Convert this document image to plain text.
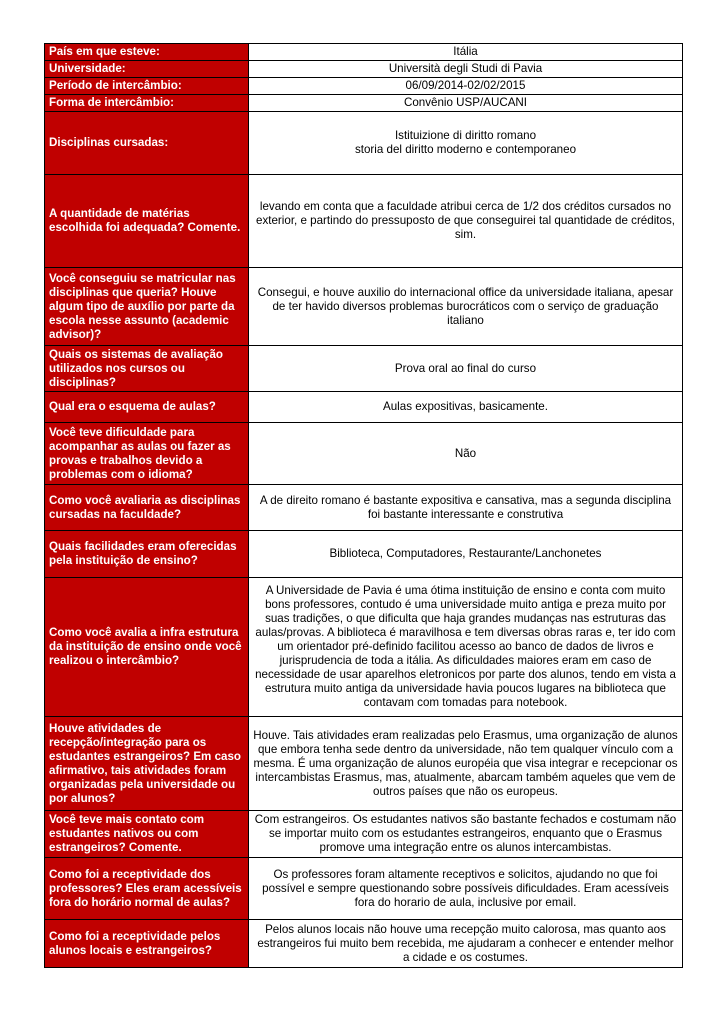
País em que esteve:	Itália
Universidade:	Università degli Studi di Pavia
Período de intercâmbio:	06/09/2014-02/02/2015
Forma de intercâmbio:	Convênio USP/AUCANI
Disciplinas cursadas:	Istituizione di diritto romano
storia del diritto moderno e contemporaneo
A quantidade de matérias escolhida foi adequada? Comente.	levando em conta que a faculdade atribui cerca de 1/2 dos créditos cursados no exterior, e partindo do pressuposto de que conseguirei tal quantidade de créditos, sim.
Você conseguiu se matricular nas disciplinas que queria? Houve algum tipo de auxílio por parte da escola nesse assunto (academic advisor)?	Consegui, e houve auxilio do internacional office da universidade italiana, apesar de ter havido diversos problemas burocráticos com o serviço de graduação italiano
Quais os sistemas de avaliação utilizados nos cursos ou disciplinas?	Prova oral ao final do curso
Qual era o esquema de aulas?	Aulas expositivas, basicamente.
Você teve dificuldade para acompanhar as aulas ou fazer as provas e trabalhos devido a problemas com o idioma?	Não
Como você avaliaria as disciplinas cursadas na faculdade?	A de direito romano é bastante expositiva e cansativa, mas a segunda disciplina foi bastante interessante e construtiva
Quais facilidades eram oferecidas pela instituição de ensino?	Biblioteca, Computadores, Restaurante/Lanchonetes
Como você avalia a infra estrutura da instituição de ensino onde você realizou o intercâmbio?	A Universidade de Pavia é uma ótima instituição de ensino e conta com muito bons professores, contudo é uma universidade muito antiga e preza muito por suas tradições, o que dificulta que haja grandes mudanças nas estruturas das aulas/provas. A biblioteca é maravilhosa e tem diversas obras raras e, ter ido com um orientador pré-definido facilitou acesso ao banco de dados de livros e jurisprudencia de toda a itália. As dificuldades maiores eram em caso de necessidade de usar aparelhos eletronicos por parte dos alunos, tendo em vista a estrutura muito antiga da universidade havia poucos lugares na biblioteca que contavam com tomadas para notebook.
Houve atividades de recepção/integração para os estudantes estrangeiros? Em caso afirmativo, tais atividades foram organizadas pela universidade ou por alunos?	Houve. Tais atividades eram realizadas pelo Erasmus, uma organização de alunos que embora tenha sede dentro da universidade, não tem qualquer vínculo com a mesma. É uma organização de alunos européia que visa integrar e recepcionar os intercambistas Erasmus, mas, atualmente, abarcam também aqueles que vem de outros países que não os europeus.
Você teve mais contato com estudantes nativos ou com estrangeiros? Comente.	Com estrangeiros. Os estudantes nativos são bastante fechados e costumam não se importar muito com os estudantes estrangeiros, enquanto que o Erasmus promove uma integração entre os alunos intercambistas.
Como foi a receptividade dos professores? Eles eram acessíveis fora do horário normal de aulas?	Os professores foram altamente receptivos e solicitos, ajudando no que foi possível e sempre questionando sobre possíveis dificuldades. Eram acessíveis fora do horario de aula, inclusive por email.
Como foi a receptividade pelos alunos locais e estrangeiros?	Pelos alunos locais não houve uma recepção muito calorosa, mas quanto aos estrangeiros fui muito bem recebida, me ajudaram a conhecer e entender melhor a cidade e os costumes.
